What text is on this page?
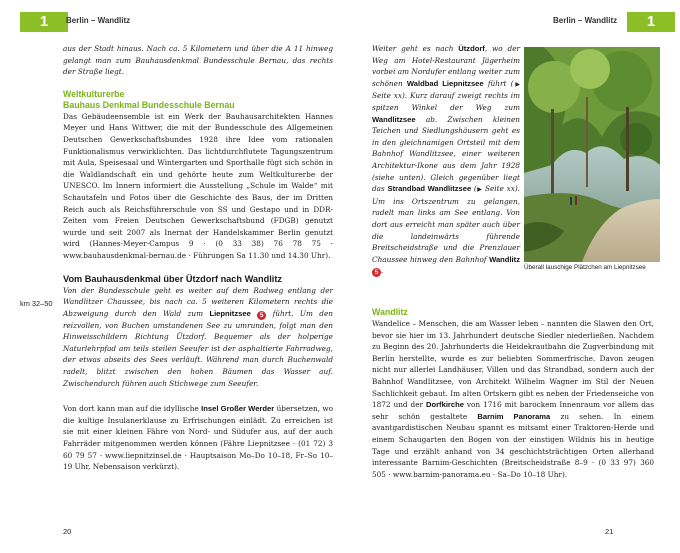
1	Berlin – Wandlitz	Berlin – Wandlitz	1

aus der Stadt hinaus. Nach ca. 5 Kilometern und über die A 11 hinweg gelangt man zum Bauhausdenkmal Bundesschule Bernau, das rechts der Straße liegt.

Weltkulturerbe
Bauhaus Denkmal Bundesschule Bernau

Das Gebäudeensemble ist ein Werk der Bauhausarchitekten Hannes Meyer und Hans Wittwer, die mit der Bundesschule des Allgemeinen Deutschen Gewerkschaftsbundes 1928 ihre Idee vom rationalen Funktionalismus verwirklichten. Das lichtdurchflutete Tagungszentrum mit Aula, Speisesaal und Wintergarten und Sporthalle fügt sich schön in die Waldlandschaft ein und gehörte heute zum Weltkulturerbe der UNESCO. Im Innern informiert die Ausstellung „Schule im Walde“ mit Schautafeln und Fotos über die Geschichte des Baus, der im Dritten Reich auch als Reichsführerschule von SS und Gestapo und in DDR-Zeiten vom Freien Deutschen Gewerkschaftsbund (FDGB) genutzt wurde und seit 2007 als Inernat der Handelskammer Berlin genutzt wird (Hannes-Meyer-Campus 9 · (0 33 38) 76 78 75 · www.bauhausdenkmal-bernau.de · Führungen Sa 11.30 und 14.30 Uhr).

Vom Bauhausdenkmal über Ützdorf nach Wandlitz

Von der Bundesschule geht es weiter auf dem Radweg entlang der Wandlitzer Chaussee, bis nach ca. 5 weiteren Kilometern rechts die Abzweigung durch den Wald zum Liepnitzsee 5 führt. Um den reizvollen, von Buchen umstandenen See zu umrunden, folgt man den Hinweisschildern Richtung Ützdorf. Bequemer als der holperige Naturlehrpfad am teils steilen Seeufer ist der asphaltierte Fahrradweg, der etwas abseits des Sees verläuft. Während man durch Buchenwald radelt, blitzt zwischen den hohen Bäumen das Wasser auf. Zwischendurch führen auch Stichwege zum Seeufer.

Von dort kann man auf die idyllische Insel Großer Werder übersetzen, wo die kultige Insulanerklause zu Erfrischungen einlädt. Zu erreichen ist sie mit einer kleinen Fähre von Nord- und Südufer aus, auf der auch Fahrräder mitgenommen werden können (Fähre Liepnitzsee · (01 72) 3 60 79 57 · www.liepnitzinsel.de · Hauptsaison Mo–Do 10–18, Fr–So 10–19 Uhr, Nebensaison verkürzt).

km 32–50
20

Weiter geht es nach Ützdorf, wo der Weg am Hotel-Restaurant Jägerheim vorbei am Nordufer entlang weiter zum schönen Waldbad Liepnitzsee führt (▶ Seite xx). Kurz darauf zweigt rechts im spitzen Winkel der Weg zum Wandlitzsee ab. Zwischen kleinen Teichen und Siedlungshäusern geht es in den gleichnamigen Ortsteil mit dem Bahnhof Wandlitzsee, einer weiteren Architektur-Ikone aus dem Jahr 1928 (siehe unten). Gleich gegenüber liegt das Strandbad Wandlitzsee (▶ Seite xx). Um ins Ortszentrum zu gelangen, radelt man links am See entlang. Von dort aus erreicht man später auch über die landeinwärts führende Breitscheidstraße und die Prenzlauer Chaussee hinweg den Bahnhof Wandlitz 5 .	Überall lauschige Plätzchen am Liepnitzsee
Wandlitz

Wandelice – Menschen, die am Wasser leben – nannten die Slawen den Ort, bevor sie hier im 13. Jahrhundert deutsche Siedler niederließen. Nachdem zu Beginn des 20. Jahrhunderts die Heidekrautbahn die Zugverbindung mit Berlin herstellte, wurde es zur beliebten Sommerfrische. Davon zeugen nicht nur allerlei Landhäuser, Villen und das Strandbad, sondern auch der Bahnhof Wandlitzsee, von Architekt Wilhelm Wagner im Stil der Neuen Sachlichkeit gebaut. Im alten Ortskern gibt es neben der Friedenseiche von 1872 und der Dorfkirche von 1716 mit barockem Innenraum vor allem das sehr schön gestaltete Barnim Panorama zu sehen. In einem avantgardistischen Neubau spannt es mitsamt einer Traktoren-Herde und einem Schaugarten den Bogen von der einstigen Wildnis bis in heutige Tage und erzählt anhand von 34 geschichtsträchtigen Orten allerhand interessante Barnim-Geschichten (Breitscheidstraße 8–9 · (0 33 97) 360 505 · www.barnim-panorama.eu · Sa–Do 10–18 Uhr).

21
